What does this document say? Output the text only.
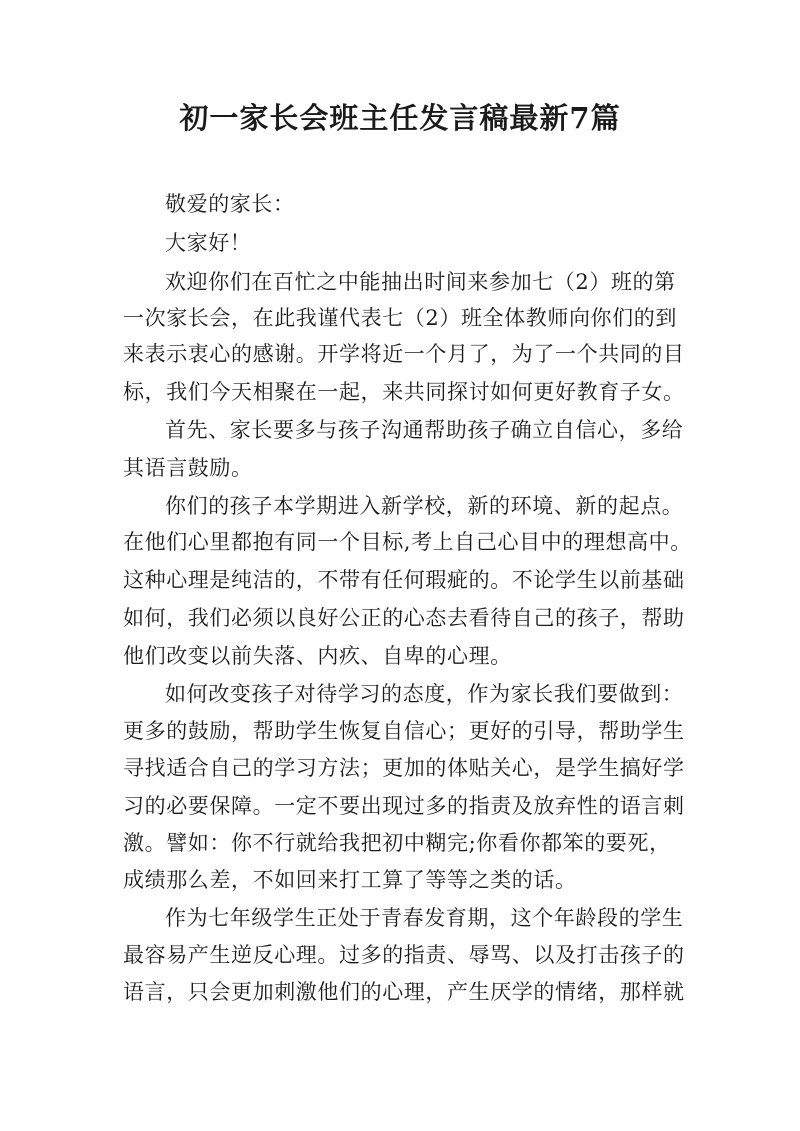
初一家长会班主任发言稿最新7篇
敬爱的家长：
大家好！
欢迎你们在百忙之中能抽出时间来参加七（2）班的第
一次家长会，在此我谨代表七（2）班全体教师向你们的到
来表示衷心的感谢。开学将近一个月了，为了一个共同的目
标，我们今天相聚在一起，来共同探讨如何更好教育子女。
首先、家长要多与孩子沟通帮助孩子确立自信心，多给
其语言鼓励。
你们的孩子本学期进入新学校，新的环境、新的起点。
在他们心里都抱有同一个目标,考上自己心目中的理想高中。
这种心理是纯洁的，不带有任何瑕疵的。不论学生以前基础
如何，我们必须以良好公正的心态去看待自己的孩子，帮助
他们改变以前失落、内疚、自卑的心理。
如何改变孩子对待学习的态度，作为家长我们要做到：
更多的鼓励，帮助学生恢复自信心；更好的引导，帮助学生
寻找适合自己的学习方法；更加的体贴关心，是学生搞好学
习的必要保障。一定不要出现过多的指责及放弃性的语言刺
激。譬如：你不行就给我把初中糊完;你看你都笨的要死，
成绩那么差，不如回来打工算了等等之类的话。
作为七年级学生正处于青春发育期，这个年龄段的学生
最容易产生逆反心理。过多的指责、辱骂、以及打击孩子的
语言，只会更加刺激他们的心理，产生厌学的情绪，那样就
